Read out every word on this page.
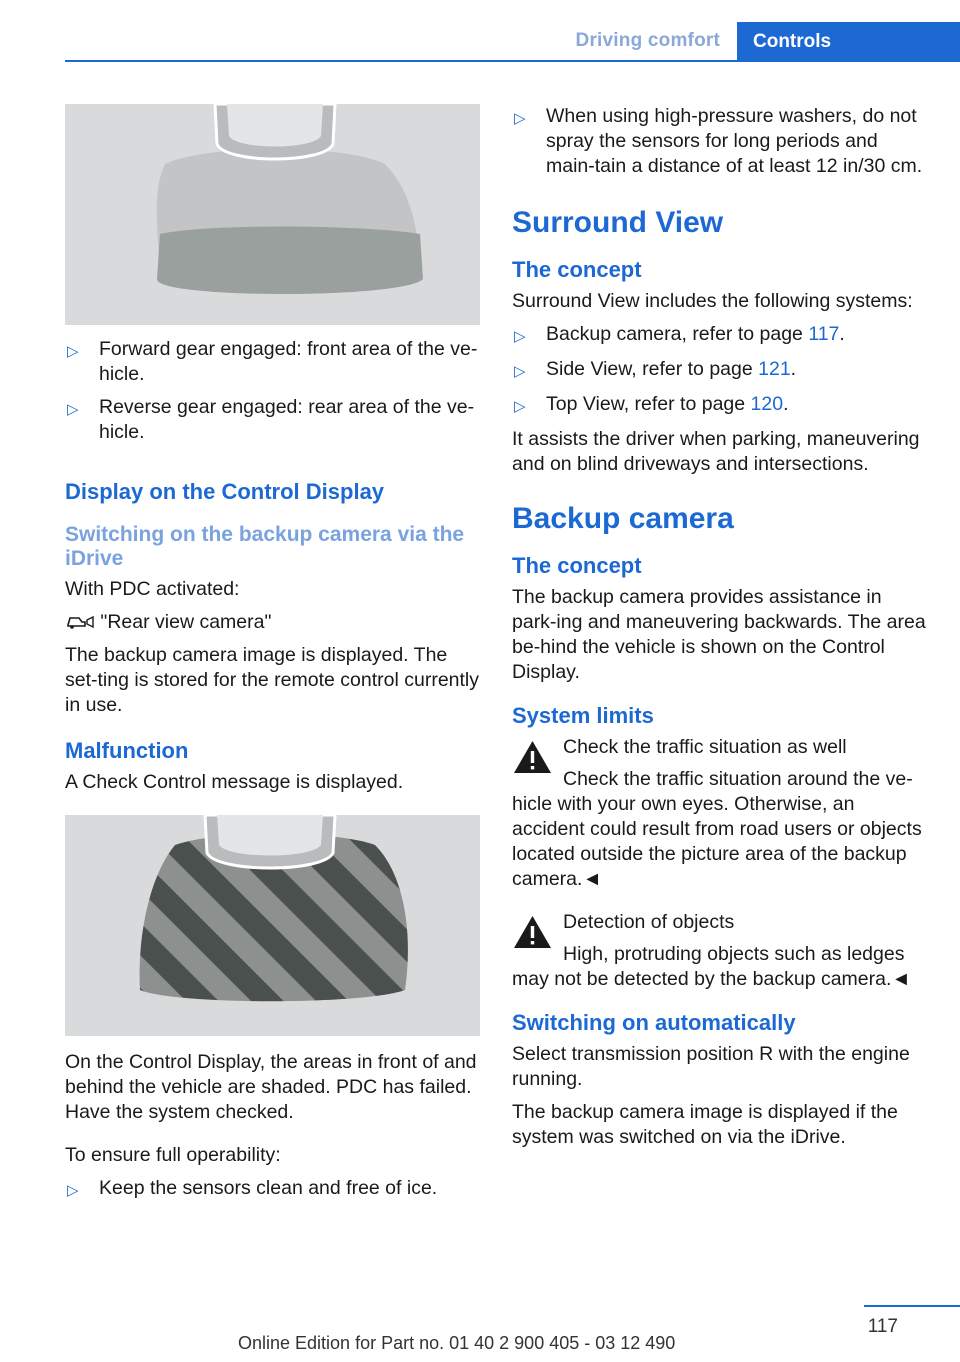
Driving comfort	Controls
▷	Forward gear engaged: front area of the ve-hicle.
▷	Reverse gear engaged: rear area of the ve-hicle.
Display on the Control Display
Switching on the backup camera via the iDrive

With PDC activated:

"Rear view camera"

The backup camera image is displayed. The set-ting is stored for the remote control currently in use.

Malfunction

A Check Control message is displayed.

On the Control Display, the areas in front of and behind the vehicle are shaded. PDC has failed. Have the system checked.

To ensure full operability:

▷	Keep the sensors clean and free of ice.
▷	When using high-pressure washers, do not spray the sensors for long periods and main-tain a distance of at least 12 in/30 cm.
Surround View
The concept

Surround View includes the following systems:

▷	Backup camera, refer to page 117.
▷	Side View, refer to page 121.
▷	Top View, refer to page 120.

It assists the driver when parking, maneuvering and on blind driveways and intersections.

Backup camera
The concept

The backup camera provides assistance in park-ing and maneuvering backwards. The area be-hind the vehicle is shown on the Control Display.

System limits
Check the traffic situation as well
Check the traffic situation around the ve-

hicle with your own eyes. Otherwise, an accident could result from road users or objects located outside the picture area of the backup camera.◄

Detection of objects
High, protruding objects such as ledges

may not be detected by the backup camera.◄

Switching on automatically

Select transmission position R with the engine running.

The backup camera image is displayed if the system was switched on via the iDrive.

117
Online Edition for Part no. 01 40 2 900 405 - 03 12 490
